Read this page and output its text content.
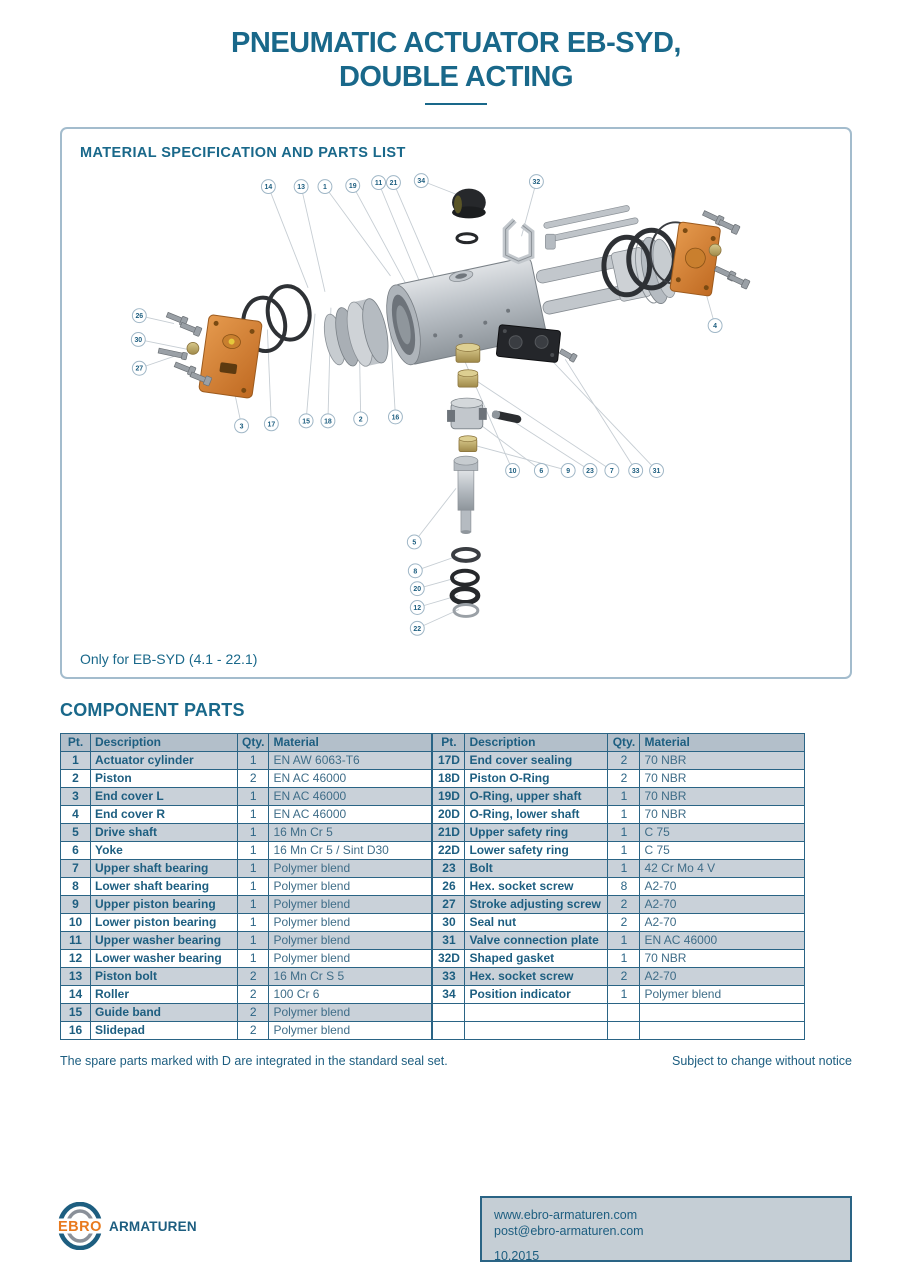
PNEUMATIC ACTUATOR EB-SYD,
DOUBLE ACTING
MATERIAL SPECIFICATION AND PARTS LIST
14	13	1	19	11 21	34	32
26
30
27
4
3	17	15 18	2	16
10	6	9 23 7	33 31
5
8
20
12
22
Only for EB-SYD (4.1 - 22.1)
COMPONENT PARTS
Pt.	Description	Qty.	Material
1	Actuator cylinder	1	EN AW 6063-T6
2	Piston	2	EN AC 46000
3	End cover L	1	EN AC 46000
4	End cover R	1	EN AC 46000
5	Drive shaft	1	16 Mn Cr 5
6	Yoke	1	16 Mn Cr 5 / Sint D30
7	Upper shaft bearing	1	Polymer blend
8	Lower shaft bearing	1	Polymer blend
9	Upper piston bearing	1	Polymer blend
10	Lower piston bearing	1	Polymer blend
11	Upper washer bearing	1	Polymer blend
12	Lower washer bearing	1	Polymer blend
13	Piston bolt	2	16 Mn Cr S 5
14	Roller	2	100 Cr 6
15	Guide band	2	Polymer blend
16	Slidepad	2	Polymer blend
Pt.	Description	Qty.	Material
17D	End cover sealing	2	70 NBR
18D	Piston O-Ring	2	70 NBR
19D	O-Ring, upper shaft	1	70 NBR
20D	O-Ring, lower shaft	1	70 NBR
21D	Upper safety ring	1	C 75
22D	Lower safety ring	1	C 75
23	Bolt	1	42 Cr Mo 4 V
26	Hex. socket screw	8	A2-70
27	Stroke adjusting screw	2	A2-70
30	Seal nut	2	A2-70
31	Valve connection plate	1	EN AC 46000
32D	Shaped gasket	1	70 NBR
33	Hex. socket screw	2	A2-70
34	Position indicator	1	Polymer blend

The spare parts marked with D are integrated in the standard seal set.	Subject to change without notice
EBRO ARMATUREN
www.ebro-armaturen.com
post@ebro-armaturen.com
10.2015
